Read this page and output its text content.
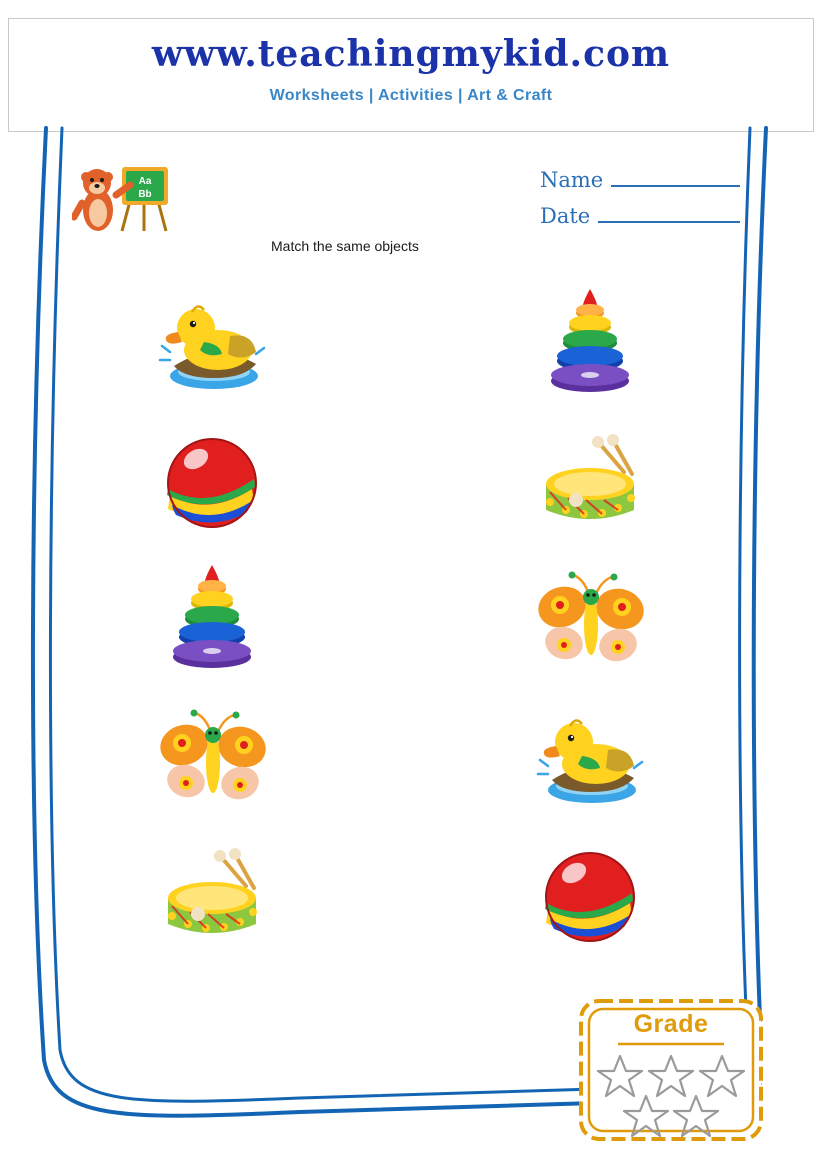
www.teachingmykid.com
Worksheets | Activities | Art & Craft
Aa
Bb
Name
Date
Match the same objects
Grade
